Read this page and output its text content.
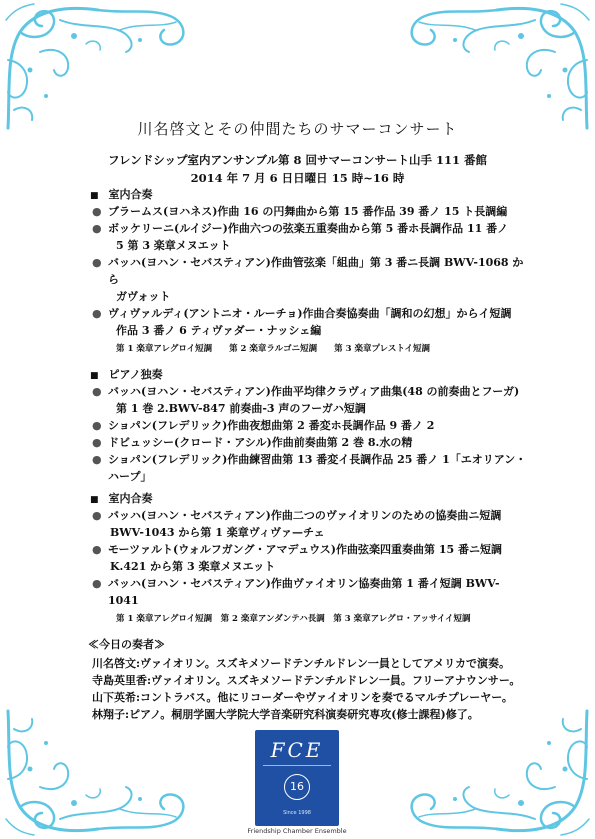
川名啓文とその仲間たちのサマーコンサート
フレンドシップ室内アンサンブル第 8 回サマーコンサート山手 111 番館
2014 年 7 月 6 日日曜日 15 時~16 時
■ 室内合奏
● ブラームス(ヨハネス)作曲 16 の円舞曲から第 15 番作品 39 番ノ 15 ト長調編
● ボッケリーニ(ルイジー)作曲六つの弦楽五重奏曲から第 5 番ホ長調作品 11 番ノ
5 第 3 楽章メヌエット
● バッハ(ヨハン・セバスティアン)作曲管弦楽「組曲」第 3 番ニ長調 BWV-1068 から
ガヴォット
● ヴィヴァルディ(アントニオ・ルーチョ)作曲合奏協奏曲「調和の幻想」からイ短調
作品 3 番ノ 6 ティヴァダー・ナッシェ編
第 1 楽章アレグロイ短調　　第 2 楽章ラルゴニ短調　　第 3 楽章プレストイ短調
■ ピアノ独奏
● バッハ(ヨハン・セバスティアン)作曲平均律クラヴィア曲集(48 の前奏曲とフーガ)
第 1 巻 2.BWV-847 前奏曲-3 声のフーガハ短調
● ショパン(フレデリック)作曲夜想曲第 2 番変ホ長調作品 9 番ノ 2
● ドビュッシー(クロード・アシル)作曲前奏曲第 2 巻 8.水の精
● ショパン(フレデリック)作曲練習曲第 13 番変イ長調作品 25 番ノ 1「エオリアン・ハープ」
■ 室内合奏
● バッハ(ヨハン・セバスティアン)作曲二つのヴァイオリンのための協奏曲ニ短調
BWV-1043 から第 1 楽章ヴィヴァ—チェ
● モーツァルト(ウォルフガング・アマデュウス)作曲弦楽四重奏曲第 15 番ニ短調
K.421 から第 3 楽章メヌエット
● バッハ(ヨハン・セバスティアン)作曲ヴァイオリン協奏曲第 1 番イ短調 BWV-1041
第 1 楽章アレグロイ短調　第 2 楽章アンダンテハ長調　第 3 楽章アレグロ・アッサイイ短調
≪今日の奏者≫
川名啓文:ヴァイオリン。スズキメソードテンチルドレン一員としてアメリカで演奏。
寺島英里香:ヴァイオリン。スズキメソードテンチルドレン一員。フリーアナウンサー。
山下英希:コントラバス。他にリコーダーやヴァイオリンを奏でるマルチプレーヤー。
林翔子:ピアノ。桐朋学園大学院大学音楽研究科演奏研究専攻(修士課程)修了。
FCE
16
Since 1998
Friendship Chamber Ensemble
